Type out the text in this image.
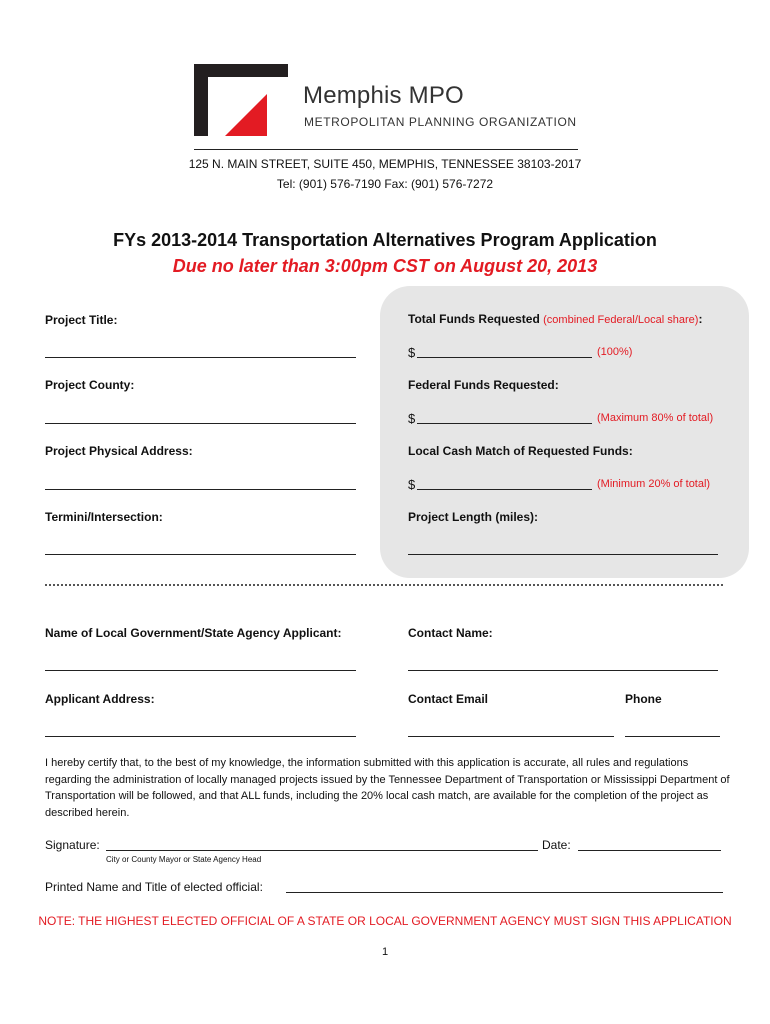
Memphis MPO
METROPOLITAN PLANNING ORGANIZATION
125 N. MAIN STREET, SUITE 450, MEMPHIS, TENNESSEE 38103-2017
Tel: (901) 576-7190 Fax: (901) 576-7272
FYs 2013-2014 Transportation Alternatives Program Application
Due no later than 3:00pm CST on August 20, 2013
Project Title:
Project County:
Project Physical Address:
Termini/Intersection:
Total Funds Requested (combined Federal/Local share):
$	(100%)
Federal Funds Requested:
$	(Maximum 80% of total)
Local Cash Match of Requested Funds:
$	(Minimum 20% of total)
Project Length (miles):
Name of Local Government/State Agency Applicant:	Contact Name:
Applicant Address:	Contact Email	Phone
I hereby certify that, to the best of my knowledge, the information submitted with this application is accurate, all rules and regulations regarding the administration of locally managed projects issued by the Tennessee Department of Transportation or Mississippi Department of Transportation will be followed, and that ALL funds, including the 20% local cash match, are available for the completion of the project as described herein.
Signature:	Date:
City or County Mayor or State Agency Head
Printed Name and Title of elected official:
NOTE: THE HIGHEST ELECTED OFFICIAL OF A STATE OR LOCAL GOVERNMENT AGENCY MUST SIGN THIS APPLICATION
1
